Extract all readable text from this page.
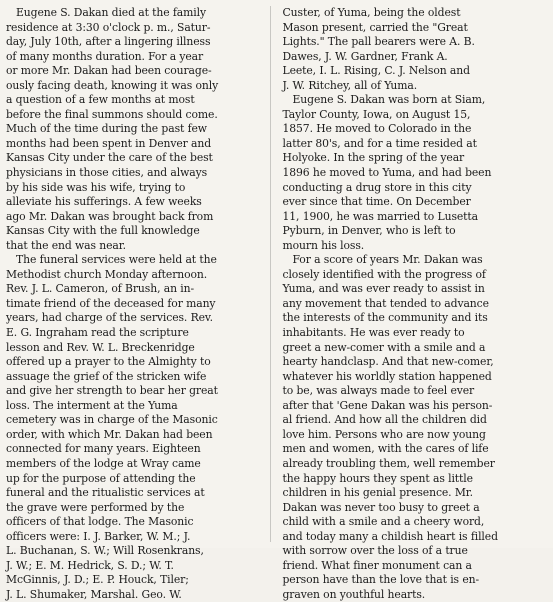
Eugene S. Dakan died at the family
residence at 3:30 o'clock p. m., Satur-
day, July 10th, after a lingering illness
of many months duration. For a year
or more Mr. Dakan had been courage-
ously facing death, knowing it was only
a question of a few months at most
before the final summons should come.
Much of the time during the past few
months had been spent in Denver and
Kansas City under the care of the best
physicians in those cities, and always
by his side was his wife, trying to
alleviate his sufferings. A few weeks
ago Mr. Dakan was brought back from
Kansas City with the full knowledge
that the end was near.
The funeral services were held at the
Methodist church Monday afternoon.
Rev. J. L. Cameron, of Brush, an in-
timate friend of the deceased for many
years, had charge of the services. Rev.
E. G. Ingraham read the scripture
lesson and Rev. W. L. Breckenridge
offered up a prayer to the Almighty to
assuage the grief of the stricken wife
and give her strength to bear her great
loss. The interment at the Yuma
cemetery was in charge of the Masonic
order, with which Mr. Dakan had been
connected for many years. Eighteen
members of the lodge at Wray came
up for the purpose of attending the
funeral and the ritualistic services at
the grave were performed by the
officers of that lodge. The Masonic
officers were: I. J. Barker, W. M.; J.
L. Buchanan, S. W.; Will Rosenkrans,
J. W.; E. M. Hedrick, S. D.; W. T.
McGinnis, J. D.; E. P. Houck, Tiler;
J. L. Shumaker, Marshal. Geo. W.
Custer, of Yuma, being the oldest
Mason present, carried the "Great
Lights." The pall bearers were A. B.
Dawes, J. W. Gardner, Frank A.
Leete, I. L. Rising, C. J. Nelson and
J. W. Ritchey, all of Yuma.
Eugene S. Dakan was born at Siam,
Taylor County, Iowa, on August 15,
1857. He moved to Colorado in the
latter 80's, and for a time resided at
Holyoke. In the spring of the year
1896 he moved to Yuma, and had been
conducting a drug store in this city
ever since that time. On December
11, 1900, he was married to Lusetta
Pyburn, in Denver, who is left to
mourn his loss.
For a score of years Mr. Dakan was
closely identified with the progress of
Yuma, and was ever ready to assist in
any movement that tended to advance
the interests of the community and its
inhabitants. He was ever ready to
greet a new-comer with a smile and a
hearty handclasp. And that new-comer,
whatever his worldly station happened
to be, was always made to feel ever
after that 'Gene Dakan was his person-
al friend. And how all the children did
love him. Persons who are now young
men and women, with the cares of life
already troubling them, well remember
the happy hours they spent as little
children in his genial presence. Mr.
Dakan was never too busy to greet a
child with a smile and a cheery word,
and today many a childish heart is filled
with sorrow over the loss of a true
friend. What finer monument can a
person have than the love that is en-
graven on youthful hearts.
